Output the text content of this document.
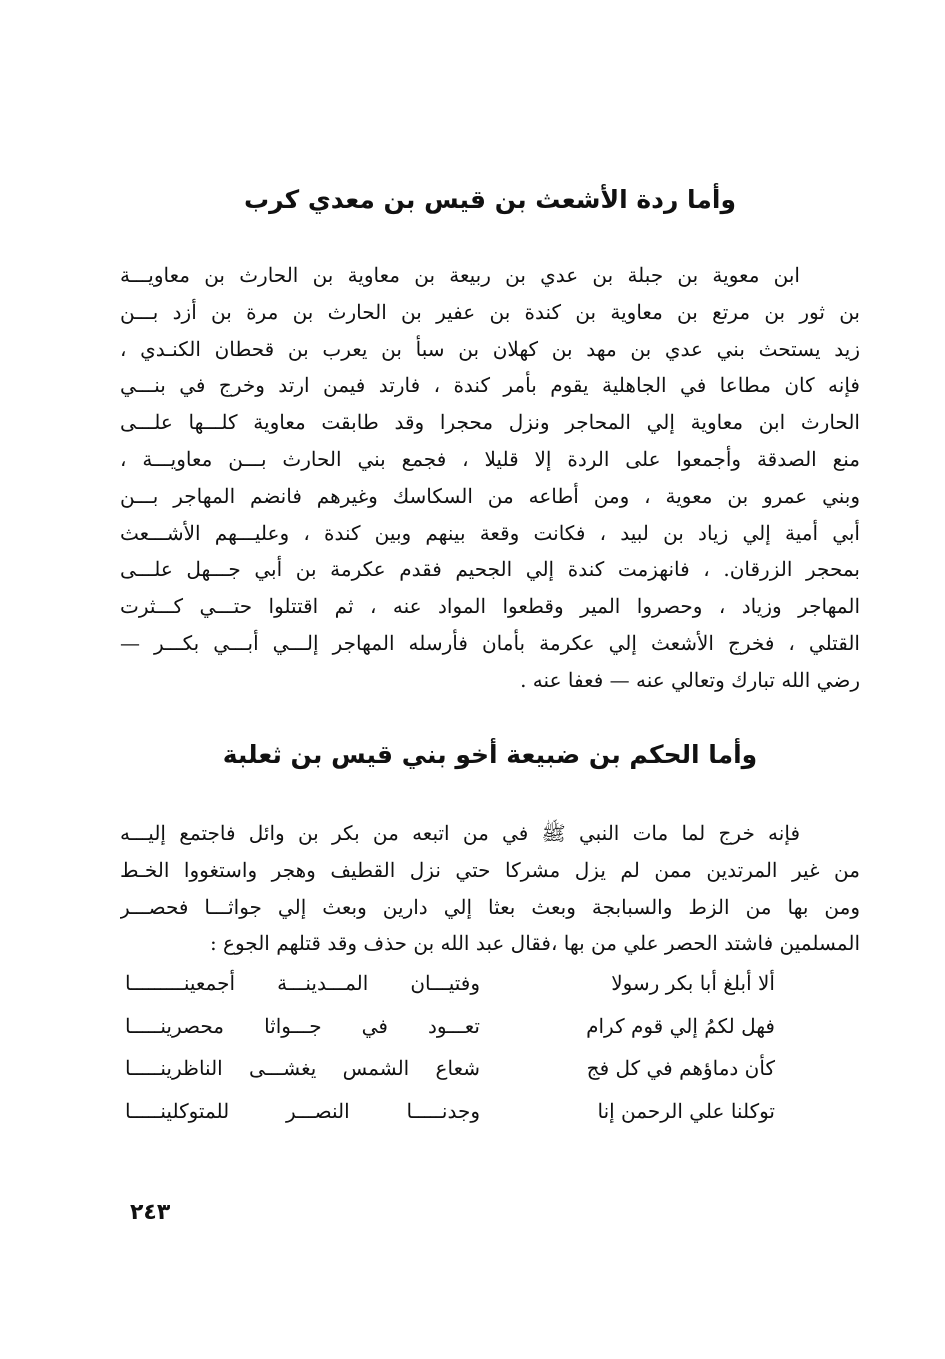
وأما ردة الأشعث بن قيس بن معدي كرب
ابن معوية بن جبلة بن عدي بن ربيعة بن معاوية بن الحارث بن معاويـــة
بن ثور بن مرتع بن معاوية بن كندة بن عفير بن الحارث بن مرة بن أزد بـــن
زيد يستحث بني عدي بن مهد بن كهلان بن سبأ بن يعرب بن قحطان الكنـدي ،
فإنه كان مطاعا في الجاهلية يقوم بأمر كندة ، فارتد فيمن ارتد وخرج في بنـــي
الحارث ابن معاوية إلي المحاجر ونزل محجرا وقد طابقت معاوية كلـــها علـــى
منع الصدقة وأجمعوا على الردة إلا قليلا ، فجمع بني الحارث بـــن معاويـــة ،
وبني عمرو بن معوية ، ومن أطاعه من السكاسك وغيرهم فانضم المهاجر بـــن
أبي أمية إلي زياد بن لبيد ، فكانت وقعة بينهم وبين كندة ، وعليـــهم الأشـــعث
بمحجر الزرقان. ، فانهزمت كندة إلي الجحيم فقدم عكرمة بن أبي جـــهل علـــى
المهاجر وزياد ، وحصروا المير وقطعوا المواد عنه ، ثم اقتتلوا حتـــي كـــثرت
القتلي ، فخرج الأشعث إلي عكرمة بأمان فأرسله المهاجر إلـــي أبـــي بكـــر —
رضي الله تبارك وتعالي عنه — فعفا عنه .
وأما الحكم بن ضبيعة أخو بني قيس بن ثعلبة
فإنه خرج لما مات النبي ﷺ في من اتبعه من بكر بن وائل فاجتمع إليـــه
من غير المرتدين ممن لم يزل مشركا حتي نزل القطيف وهجر واستغووا الخـط
ومن بها من الزط والسبابجة وبعث بعثا إلي دارين وبعث إلي جواثـــا فحصـــر
المسلمين فاشتد الحصر علي من بها ،فقال عبد الله بن حذف وقد قتلهم الجوع :
ألا أبلغ أبا بكر رسولا
وفتيـــان المـــدينـــة أجمعينـــــــــا
فهل لكمُ إلي قوم كرام
تعـــود في جـــواثا محصرينـــــا
كأن دماؤهم في كل فج
شعاع الشمس يغشـــى الناظرينـــــا
توكلنا علي الرحمن إنا
وجدنـــــا النصـــر للمتوكلينـــــا

٢٤٣
